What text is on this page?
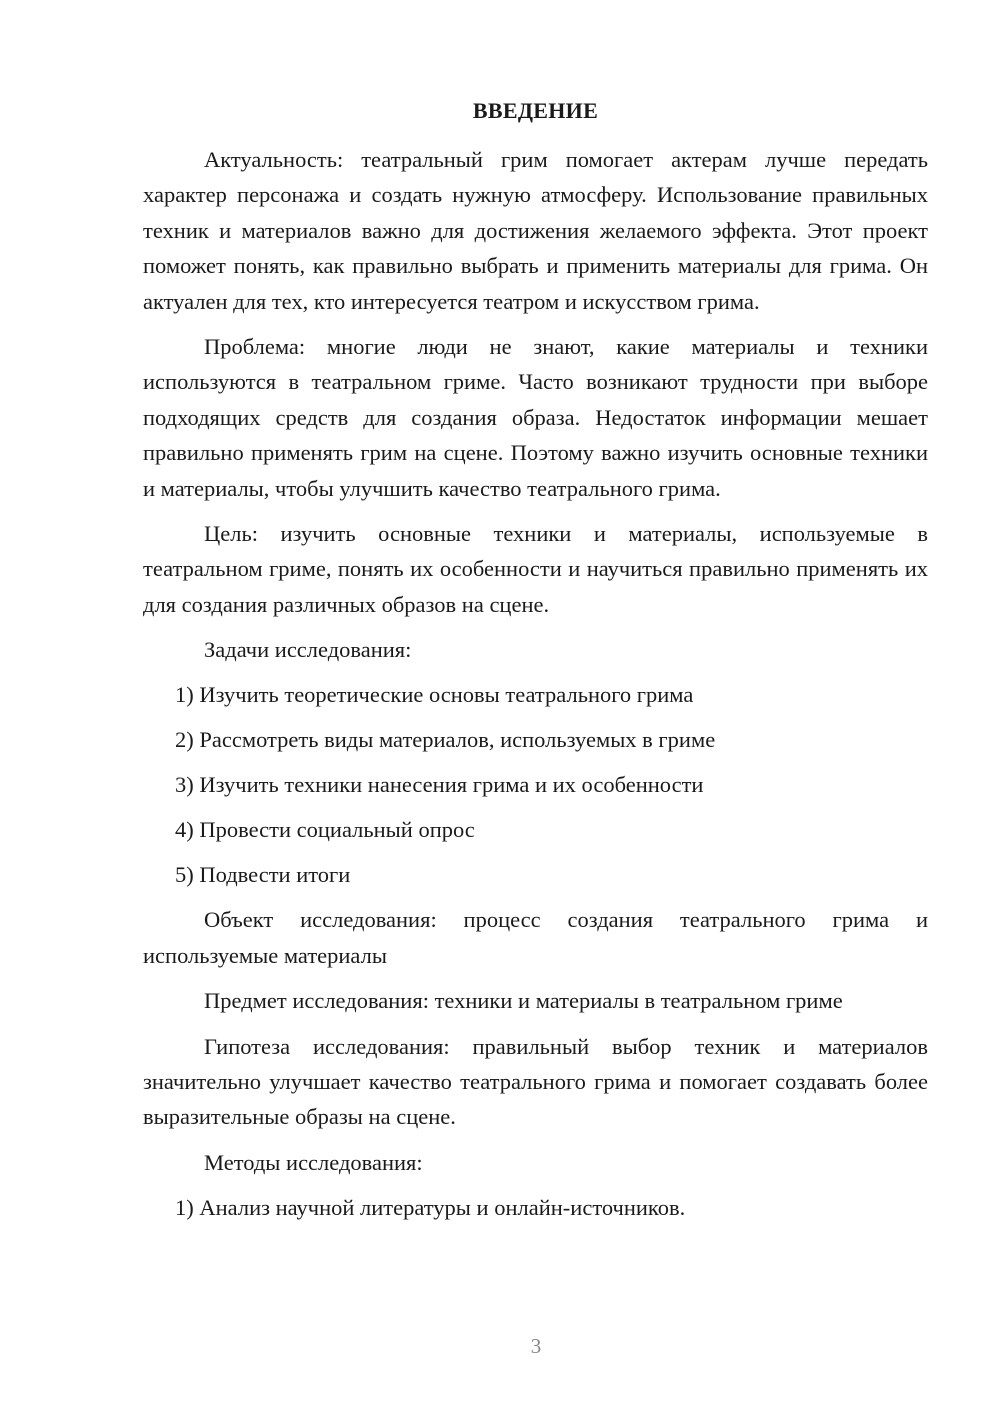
ВВЕДЕНИЕ

Актуальность: театральный грим помогает актерам лучше передать характер персонажа и создать нужную атмосферу. Использование правильных техник и материалов важно для достижения желаемого эффекта. Этот проект поможет понять, как правильно выбрать и применить материалы для грима. Он актуален для тех, кто интересуется театром и искусством грима.

Проблема: многие люди не знают, какие материалы и техники используются в театральном гриме. Часто возникают трудности при выборе подходящих средств для создания образа. Недостаток информации мешает правильно применять грим на сцене. Поэтому важно изучить основные техники и материалы, чтобы улучшить качество театрального грима.

Цель: изучить основные техники и материалы, используемые в театральном гриме, понять их особенности и научиться правильно применять их для создания различных образов на сцене.

Задачи исследования:
1) Изучить теоретические основы театрального грима
2) Рассмотреть виды материалов, используемых в гриме
3) Изучить техники нанесения грима и их особенности
4) Провести социальный опрос
5) Подвести итоги

Объект исследования: процесс создания театрального грима и используемые материалы

Предмет исследования: техники и материалы в театральном гриме

Гипотеза исследования: правильный выбор техник и материалов значительно улучшает качество театрального грима и помогает создавать более выразительные образы на сцене.

Методы исследования:
1) Анализ научной литературы и онлайн-источников.
3
